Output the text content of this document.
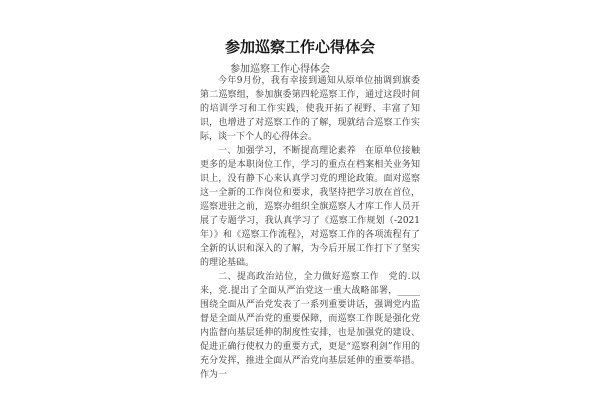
参加巡察工作心得体会
参加巡察工作心得体会

今年9月份，我有幸接到通知从原单位抽调到旗委第二巡察组，参加旗委第四轮巡察工作，通过这段时间的培训学习和工作实践，使我开拓了视野、丰富了知识，也增进了对巡察工作的了解，现就结合巡察工作实际，谈一下个人的心得体会。

一、加强学习，不断提高理论素养　在原单位接触更多的是本职岗位工作，学习的重点在档案相关业务知识上，没有静下心来认真学习党的理论政策。面对巡察这一全新的工作岗位和要求，我坚持把学习放在首位，巡察进驻之前，巡察办组织全旗巡察人才库工作人员开展了专题学习，我认真学习了《巡察工作规划（-2021　年）》和《巡察工作流程》，对巡察工作的各项流程有了全新的认识和深入的了解，为今后开展工作打下了坚实的理论基础。

二、提高政治站位，全力做好巡察工作　党的.以来，党.提出了全面从严治党这一重大战略部署，_____围绕全面从严治党发表了一系列重要讲话，强调党内监督是全面从严治党的重要保障，而巡察工作既是强化党内监督向基层延伸的制度性安排，也是加强党的建设、促进正确行使权力的重要方式，更是“巡察利剑”作用的充分发挥，推进全面从严治党向基层延伸的重要举措。作为一
